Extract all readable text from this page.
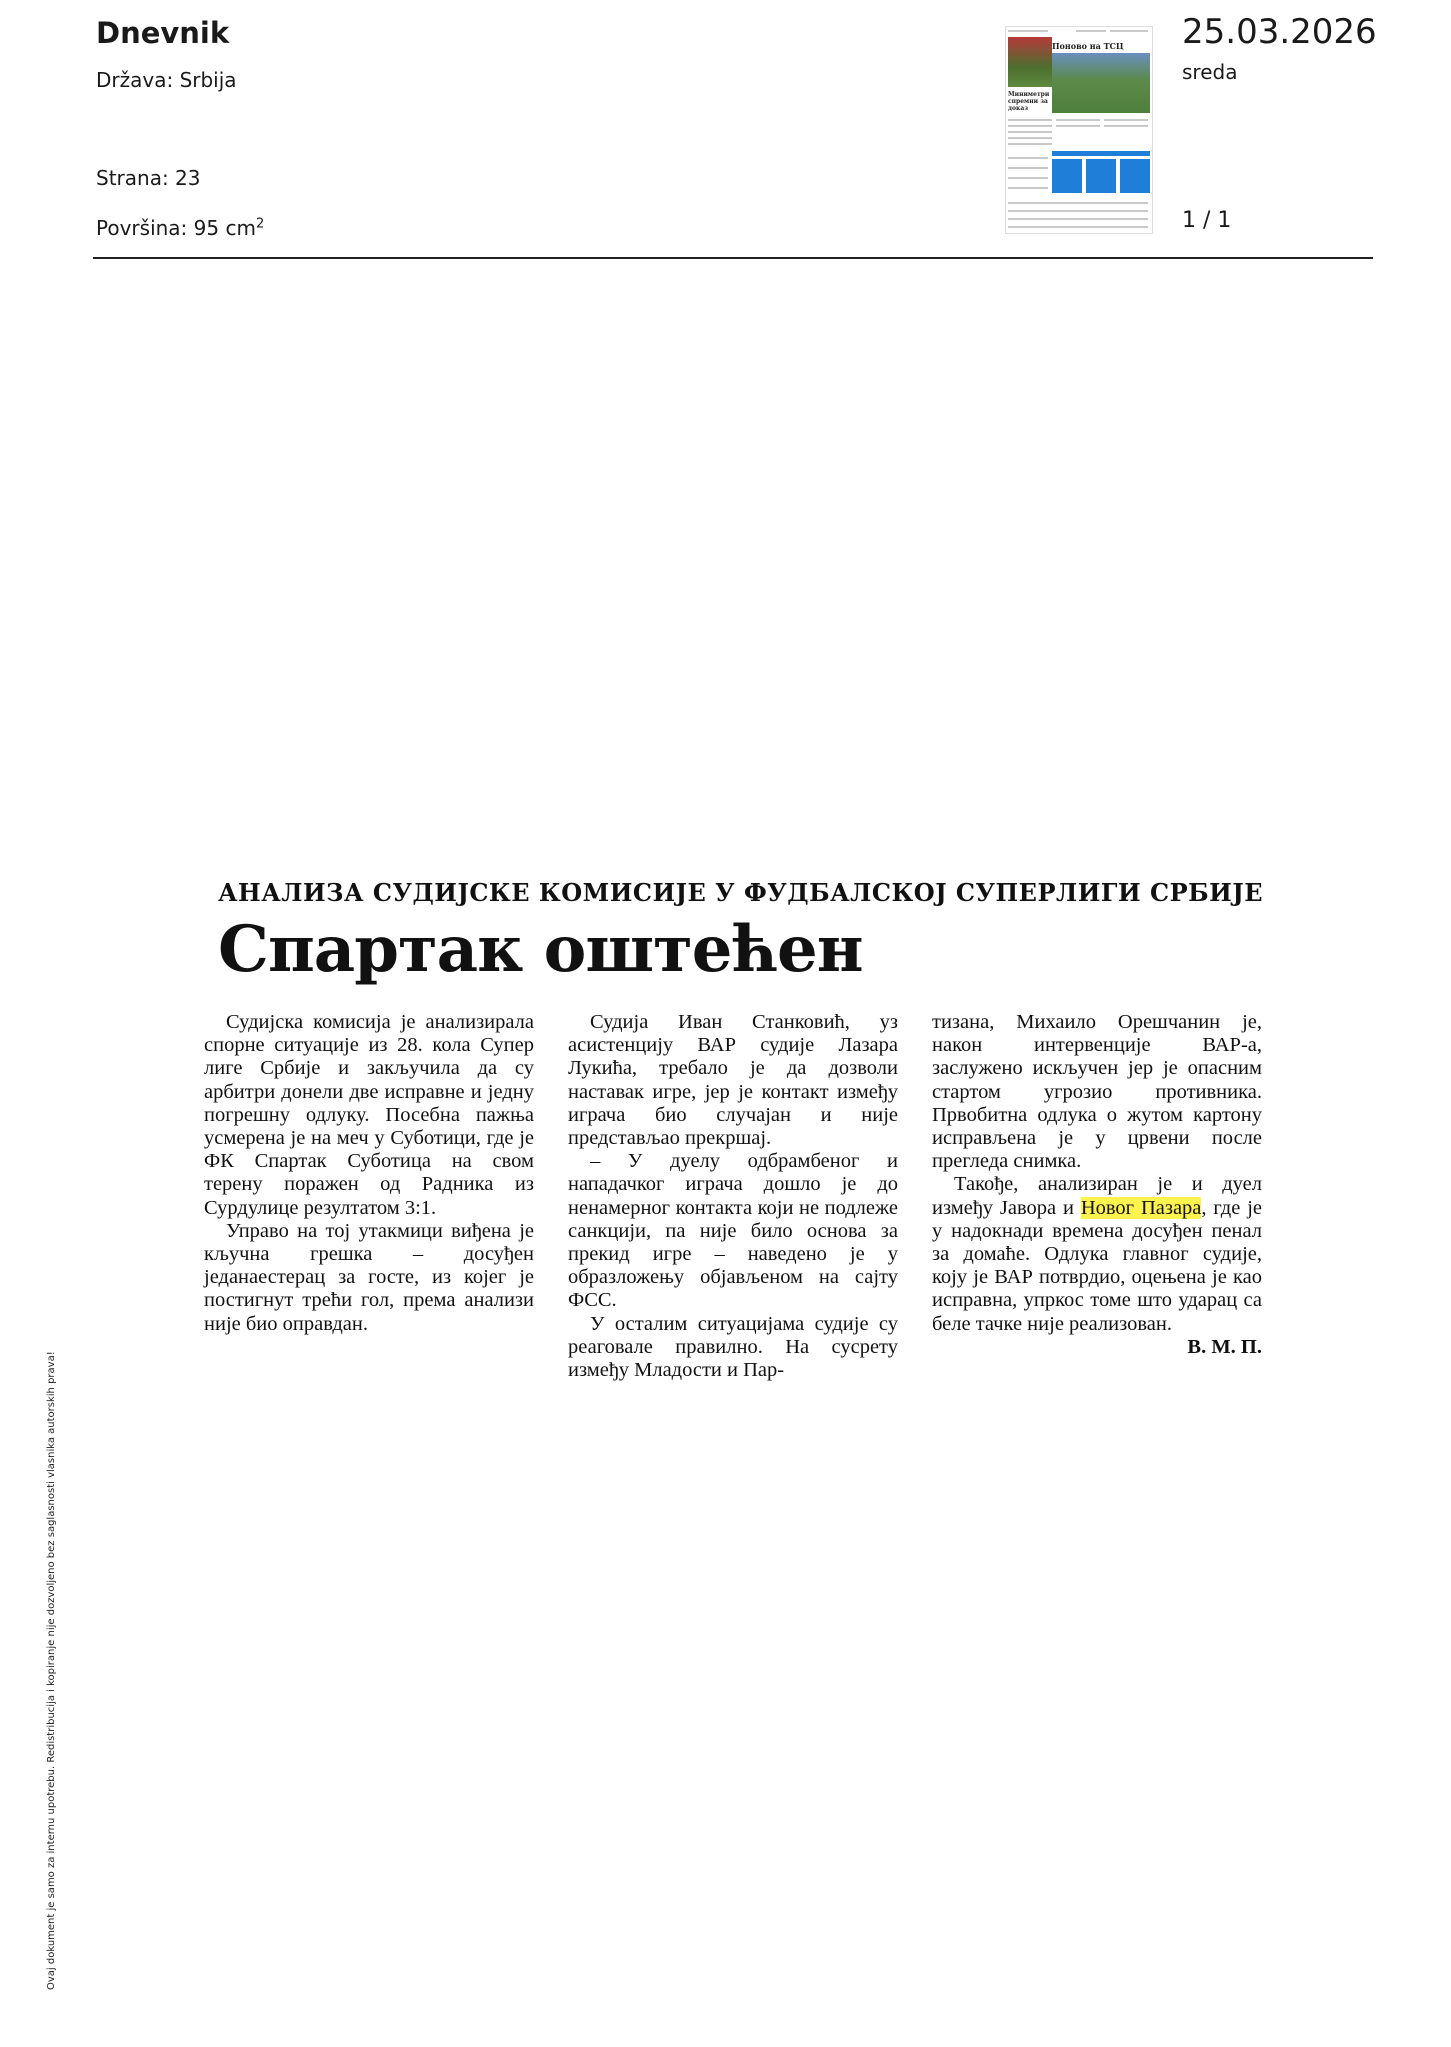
Dnevnik
Država: Srbija
Strana: 23
Površina: 95 $cm^2$
25.03.2026
sreda
1 / 1
Поново на ТСЦ
Миниметри спремни за доказ
АНАЛИЗА СУДИЈСКЕ КОМИСИЈЕ У ФУДБАЛСКОЈ СУПЕРЛИГИ СРБИЈЕ
Спартак оштећен

Судијска комисија је анализирала спорне ситуације из 28. кола Супер лиге Србије и закључила да су арбитри донели две исправне и једну погрешну одлуку. Посебна пажња усмерена је на меч у Суботици, где је ФК Спартак Суботица на свом терену поражен од Радника из Сурдулице резултатом 3:1.

Управо на тој утакмици виђена је кључна грешка – досуђен једанаестерац за госте, из којег је постигнут трећи гол, према анализи није био оправдан.

Судија Иван Станковић, уз асистенцију ВАР судије Лазара Лукића, требало је да дозволи наставак игре, јер је контакт између играча био случајан и није представљао прекршај.

– У дуелу одбрамбеног и нападачког играча дошло је до ненамерног контакта који не подлеже санкцији, па није било основа за прекид игре – наведено је у образложењу објављеном на сајту ФСС.

У осталим ситуацијама судије су реаговале правилно. На сусрету између Младости и Пар-

тизана, Михаило Орешчанин је, након интервенције ВАР-а, заслужено искључен јер је опасним стартом угрозио противника. Првобитна одлука о жутом картону исправљена је у црвени после прегледа снимка.

Такође, анализиран је и дуел између Јавора и Новог Пазара, где је у надокнади времена досуђен пенал за домаће. Одлука главног судије, коју је ВАР потврдио, оцењена је као исправна, упркос томе што ударац са беле тачке није реализован.

В. М. П.
Ovaj dokument je samo za internu upotrebu. Redistribucija i kopiranje nije dozvoljeno bez saglasnosti vlasnika autorskih prava!
